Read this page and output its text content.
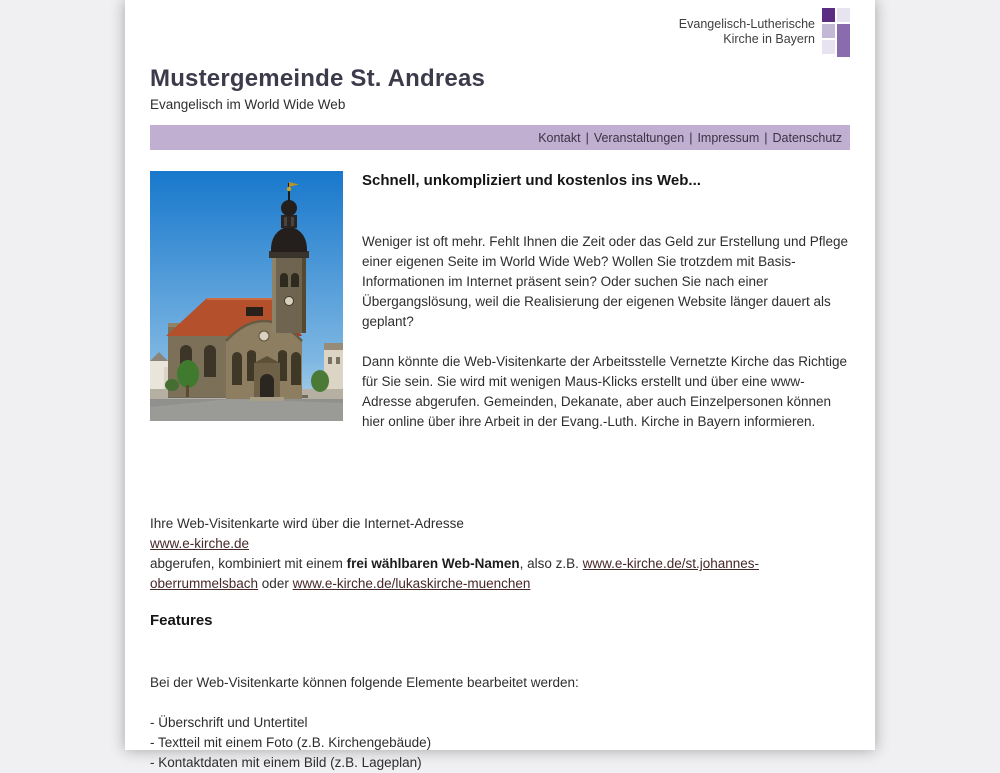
Evangelisch-Lutherische
Kirche in Bayern
Mustergemeinde St. Andreas
Evangelisch im World Wide Web
Kontakt | Veranstaltungen | Impressum | Datenschutz
Schnell, unkompliziert und kostenlos ins Web...

Weniger ist oft mehr. Fehlt Ihnen die Zeit oder das Geld zur Erstellung und Pflege einer eigenen Seite im World Wide Web? Wollen Sie trotzdem mit Basis-Informationen im Internet präsent sein? Oder suchen Sie nach einer Übergangslösung, weil die Realisierung der eigenen Website länger dauert als geplant?

Dann könnte die Web-Visitenkarte der Arbeitsstelle Vernetzte Kirche das Richtige für Sie sein. Sie wird mit wenigen Maus-Klicks erstellt und über eine www-Adresse abgerufen. Gemeinden, Dekanate, aber auch Einzelpersonen können hier online über ihre Arbeit in der Evang.-Luth. Kirche in Bayern informieren.

Ihre Web-Visitenkarte wird über die Internet-Adresse
www.e-kirche.de
abgerufen, kombiniert mit einem frei wählbaren Web-Namen, also z.B. www.e-kirche.de/st.johannes-oberrummelsbach oder www.e-kirche.de/lukaskirche-muenchen
Features
Bei der Web-Visitenkarte können folgende Elemente bearbeitet werden:
- Überschrift und Untertitel
- Textteil mit einem Foto (z.B. Kirchengebäude)
- Kontaktdaten mit einem Bild (z.B. Lageplan)
